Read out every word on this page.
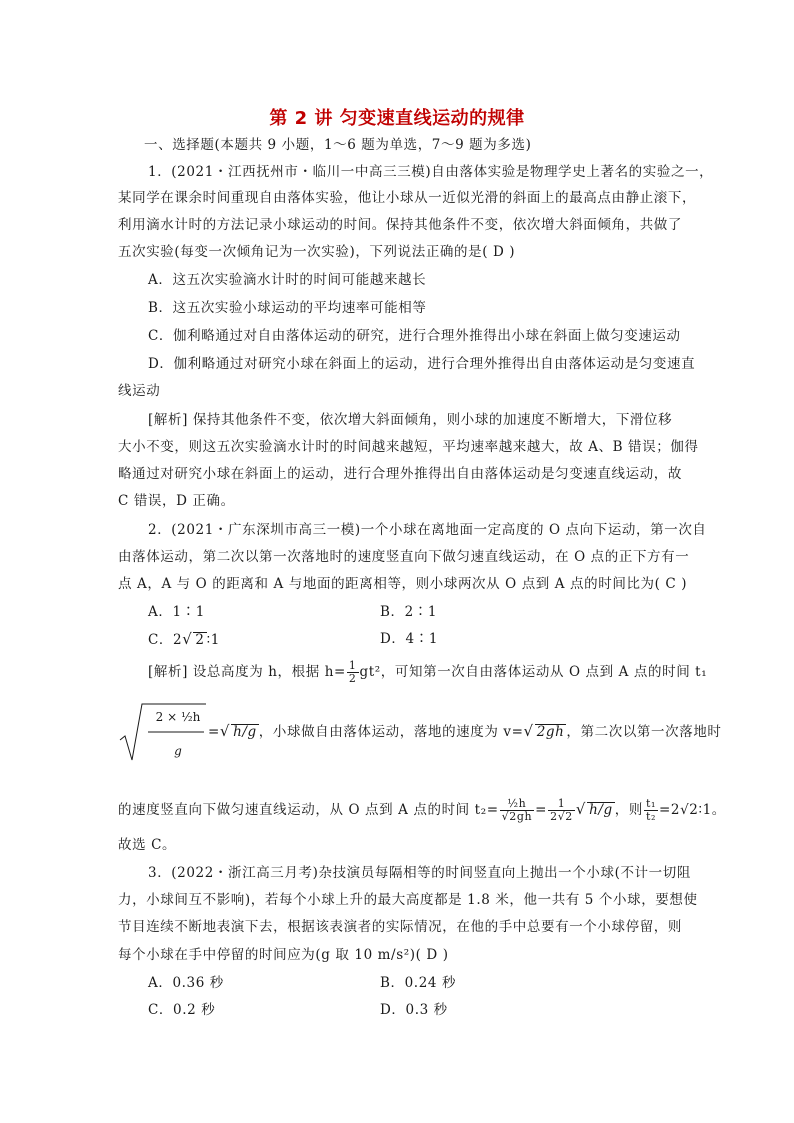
第 2 讲 匀变速直线运动的规律
一、选择题(本题共 9 小题，1～6 题为单选，7～9 题为多选)
1．(2021・江西抚州市・临川一中高三三模)自由落体实验是物理学史上著名的实验之一，
某同学在课余时间重现自由落体实验，他让小球从一近似光滑的斜面上的最高点由静止滚下，
利用滴水计时的方法记录小球运动的时间。保持其他条件不变，依次增大斜面倾角，共做了
五次实验(每变一次倾角记为一次实验)，下列说法正确的是( D )
A．这五次实验滴水计时的时间可能越来越长
B．这五次实验小球运动的平均速率可能相等
C．伽利略通过对自由落体运动的研究，进行合理外推得出小球在斜面上做匀变速运动
D．伽利略通过对研究小球在斜面上的运动，进行合理外推得出自由落体运动是匀变速直
线运动
[解析] 保持其他条件不变，依次增大斜面倾角，则小球的加速度不断增大，下滑位移
大小不变，则这五次实验滴水计时的时间越来越短，平均速率越来越大，故 A、B 错误；伽得
略通过对研究小球在斜面上的运动，进行合理外推得出自由落体运动是匀变速直线运动，故
C 错误，D 正确。
2．(2021・广东深圳市高三一模)一个小球在离地面一定高度的 O 点向下运动，第一次自
由落体运动，第二次以第一次落地时的速度竖直向下做匀速直线运动，在 O 点的正下方有一
点 A，A 与 O 的距离和 A 与地面的距离相等，则小球两次从 O 点到 A 点的时间比为( C )
A．1∶1	B．2∶1
C．2√ 2 ∶1	D．4∶1
[解析] 设总高度为 h，根据 $h= \frac{1}{2} gt^2$，可知第一次自由落体运动从 O 点到 A 点的时间 t₁
2 × ½h
g
=√ h/g ，小球做自由落体运动，落地的速度为 v=√ 2gh ，第二次以第一次落地时
的速度竖直向下做匀速直线运动，从 O 点到 A 点的时间 $t_2= \frac{\text{½h}}{√2gh} = \frac{1}{2√2}$ √ h/g ，则 $\frac{\text{t₁}}{\text{t₂}}$ =2√2∶1。
故选 C。
3．(2022・浙江高三月考)杂技演员每隔相等的时间竖直向上抛出一个小球(不计一切阻
力，小球间互不影响)，若每个小球上升的最大高度都是 1.8 米，他一共有 5 个小球，要想使
节目连续不断地表演下去，根据该表演者的实际情况，在他的手中总要有一个小球停留，则
每个小球在手中停留的时间应为(g 取 10 m/s²)( D )
A．0.36 秒	B．0.24 秒
C．0.2 秒	D．0.3 秒
